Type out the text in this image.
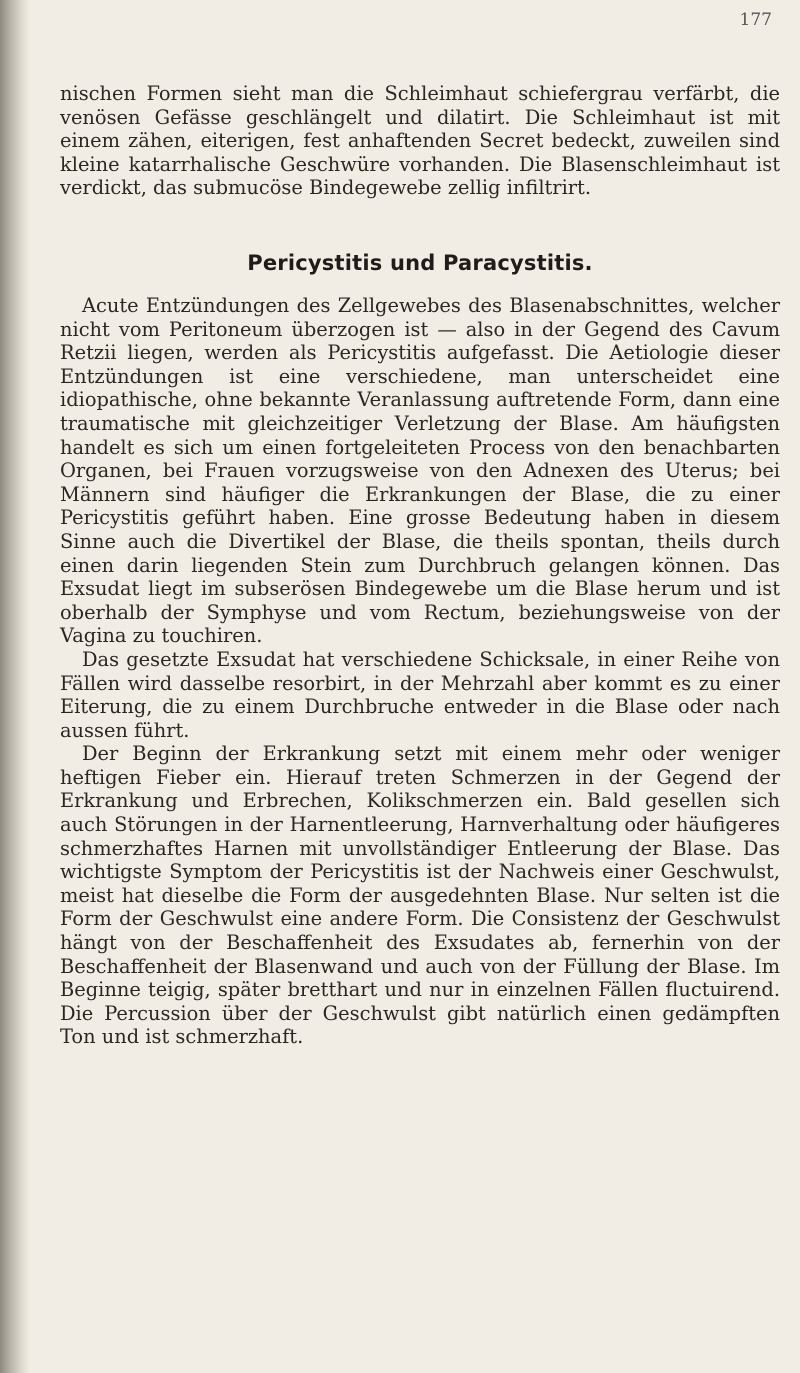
177

nischen Formen sieht man die Schleimhaut schiefergrau verfärbt, die venösen Gefässe geschlängelt und dilatirt. Die Schleimhaut ist mit einem zähen, eiterigen, fest anhaftenden Secret bedeckt, zuweilen sind kleine katarrhalische Geschwüre vorhanden. Die Blasenschleimhaut ist verdickt, das submucöse Bindegewebe zellig infiltrirt.

Pericystitis und Paracystitis.

Acute Entzündungen des Zellgewebes des Blasenabschnittes, welcher nicht vom Peritoneum überzogen ist — also in der Gegend des Cavum Retzii liegen, werden als Pericystitis aufgefasst. Die Aetiologie dieser Entzündungen ist eine verschiedene, man unterscheidet eine idiopathische, ohne bekannte Veranlassung auftretende Form, dann eine traumatische mit gleichzeitiger Verletzung der Blase. Am häufigsten handelt es sich um einen fortgeleiteten Process von den benachbarten Organen, bei Frauen vorzugsweise von den Adnexen des Uterus; bei Männern sind häufiger die Erkrankungen der Blase, die zu einer Pericystitis geführt haben. Eine grosse Bedeutung haben in diesem Sinne auch die Divertikel der Blase, die theils spontan, theils durch einen darin liegenden Stein zum Durchbruch gelangen können. Das Exsudat liegt im subserösen Bindegewebe um die Blase herum und ist oberhalb der Symphyse und vom Rectum, beziehungsweise von der Vagina zu touchiren.

Das gesetzte Exsudat hat verschiedene Schicksale, in einer Reihe von Fällen wird dasselbe resorbirt, in der Mehrzahl aber kommt es zu einer Eiterung, die zu einem Durchbruche entweder in die Blase oder nach aussen führt.

Der Beginn der Erkrankung setzt mit einem mehr oder weniger heftigen Fieber ein. Hierauf treten Schmerzen in der Gegend der Erkrankung und Erbrechen, Kolikschmerzen ein. Bald gesellen sich auch Störungen in der Harnentleerung, Harnverhaltung oder häufigeres schmerzhaftes Harnen mit unvollständiger Entleerung der Blase. Das wichtigste Symptom der Pericystitis ist der Nachweis einer Geschwulst, meist hat dieselbe die Form der ausgedehnten Blase. Nur selten ist die Form der Geschwulst eine andere Form. Die Consistenz der Geschwulst hängt von der Beschaffenheit des Exsudates ab, fernerhin von der Beschaffenheit der Blasenwand und auch von der Füllung der Blase. Im Beginne teigig, später bretthart und nur in einzelnen Fällen fluctuirend. Die Percussion über der Geschwulst gibt natürlich einen gedämpften Ton und ist schmerzhaft.
